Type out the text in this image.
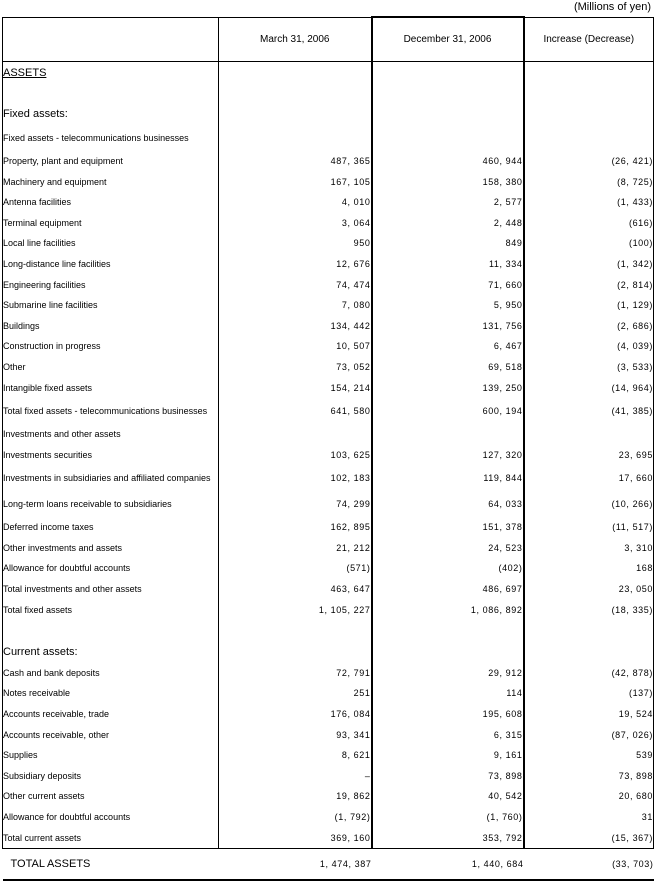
(Millions of yen)
	March 31, 2006	December 31, 2006	Increase (Decrease)
ASSETS			

Fixed assets:			
Fixed assets - telecommunications businesses			
Property, plant and equipment	487, 365	460, 944	(26, 421)
Machinery and equipment	167, 105	158, 380	(8, 725)
Antenna facilities	4, 010	2, 577	(1, 433)
Terminal equipment	3, 064	2, 448	(616)
Local line facilities	950	849	(100)
Long-distance line facilities	12, 676	11, 334	(1, 342)
Engineering facilities	74, 474	71, 660	(2, 814)
Submarine line facilities	7, 080	5, 950	(1, 129)
Buildings	134, 442	131, 756	(2, 686)
Construction in progress	10, 507	6, 467	(4, 039)
Other	73, 052	69, 518	(3, 533)
Intangible fixed assets	154, 214	139, 250	(14, 964)
Total fixed assets - telecommunications businesses	641, 580	600, 194	(41, 385)
Investments and other assets			
Investments securities	103, 625	127, 320	23, 695
Investments in subsidiaries and affiliated companies	102, 183	119, 844	17, 660
Long-term loans receivable to subsidiaries	74, 299	64, 033	(10, 266)
Deferred income taxes	162, 895	151, 378	(11, 517)
Other investments and assets	21, 212	24, 523	3, 310
Allowance for doubtful accounts	(571)	(402)	168
Total investments and other assets	463, 647	486, 697	23, 050
Total fixed assets	1, 105, 227	1, 086, 892	(18, 335)

Current assets:			
Cash and bank deposits	72, 791	29, 912	(42, 878)
Notes receivable	251	114	(137)
Accounts receivable, trade	176, 084	195, 608	19, 524
Accounts receivable, other	93, 341	6, 315	(87, 026)
Supplies	8, 621	9, 161	539
Subsidiary deposits	–	73, 898	73, 898
Other current assets	19, 862	40, 542	20, 680
Allowance for doubtful accounts	(1, 792)	(1, 760)	31
Total current assets	369, 160	353, 792	(15, 367)
TOTAL ASSETS	1, 474, 387	1, 440, 684	(33, 703)
